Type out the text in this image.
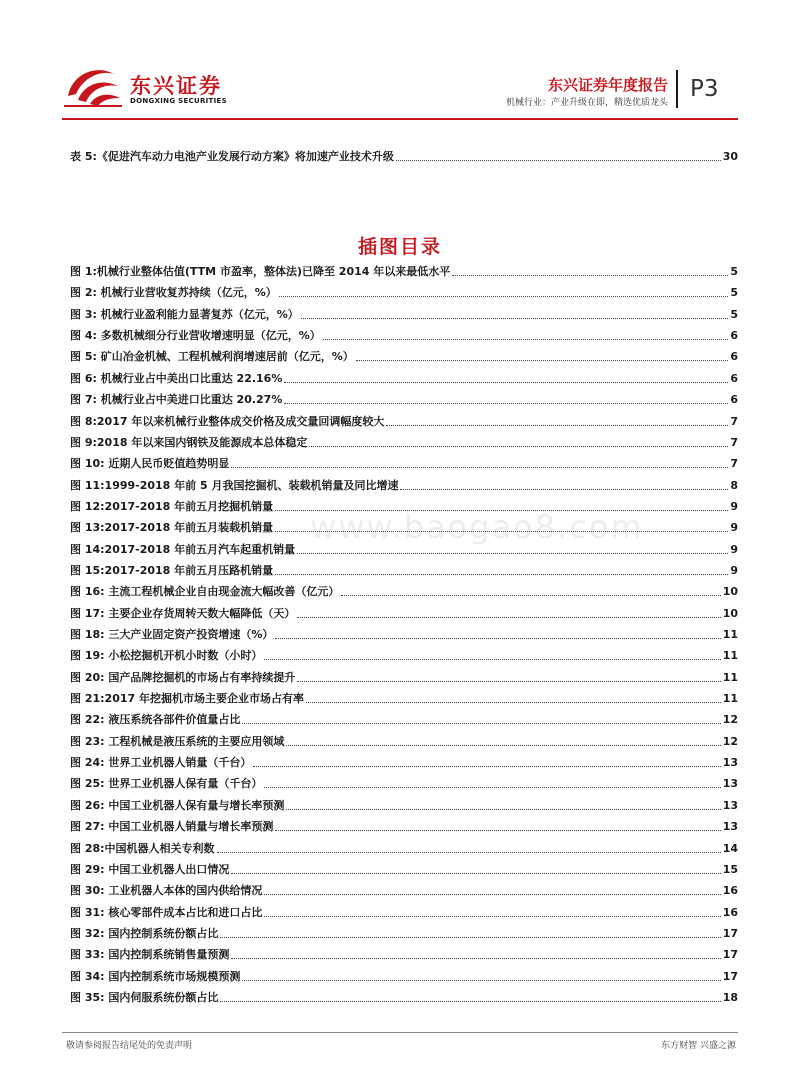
东兴证券
DONGXING SECURITIES
东兴证券年度报告
机械行业：产业升级在即，精选优质龙头
P3
表 5:《促进汽车动力电池产业发展行动方案》将加速产业技术升级	30
插图目录
图 1:机械行业整体估值(TTM 市盈率，整体法)已降至 2014 年以来最低水平	5
图 2: 机械行业营收复苏持续（亿元，%）	5
图 3: 机械行业盈利能力显著复苏（亿元，%）	5
图 4: 多数机械细分行业营收增速明显（亿元，%）	6
图 5: 矿山冶金机械、工程机械利润增速居前（亿元，%）	6
图 6: 机械行业占中美出口比重达 22.16%	6
图 7: 机械行业占中美进口比重达 20.27%	6
图 8:2017 年以来机械行业整体成交价格及成交量回调幅度较大	7
图 9:2018 年以来国内钢铁及能源成本总体稳定	7
图 10: 近期人民币贬值趋势明显	7
图 11:1999-2018 年前 5 月我国挖掘机、装载机销量及同比增速	8
图 12:2017-2018 年前五月挖掘机销量	9
图 13:2017-2018 年前五月装载机销量	9
图 14:2017-2018 年前五月汽车起重机销量	9
图 15:2017-2018 年前五月压路机销量	9
图 16: 主流工程机械企业自由现金流大幅改善（亿元）	10
图 17: 主要企业存货周转天数大幅降低（天）	10
图 18: 三大产业固定资产投资增速（%）	11
图 19: 小松挖掘机开机小时数（小时）	11
图 20: 国产品牌挖掘机的市场占有率持续提升	11
图 21:2017 年挖掘机市场主要企业市场占有率	11
图 22: 液压系统各部件价值量占比	12
图 23: 工程机械是液压系统的主要应用领域	12
图 24: 世界工业机器人销量（千台）	13
图 25: 世界工业机器人保有量（千台）	13
图 26: 中国工业机器人保有量与增长率预测	13
图 27: 中国工业机器人销量与增长率预测	13
图 28:中国机器人相关专利数	14
图 29: 中国工业机器人出口情况	15
图 30: 工业机器人本体的国内供给情况	16
图 31: 核心零部件成本占比和进口占比	16
图 32: 国内控制系统份额占比	17
图 33: 国内控制系统销售量预测	17
图 34: 国内控制系统市场规模预测	17
图 35: 国内伺服系统份额占比	18
www.baogao8.com
敬请参阅报告结尾处的免责声明	东方财智 兴盛之源
